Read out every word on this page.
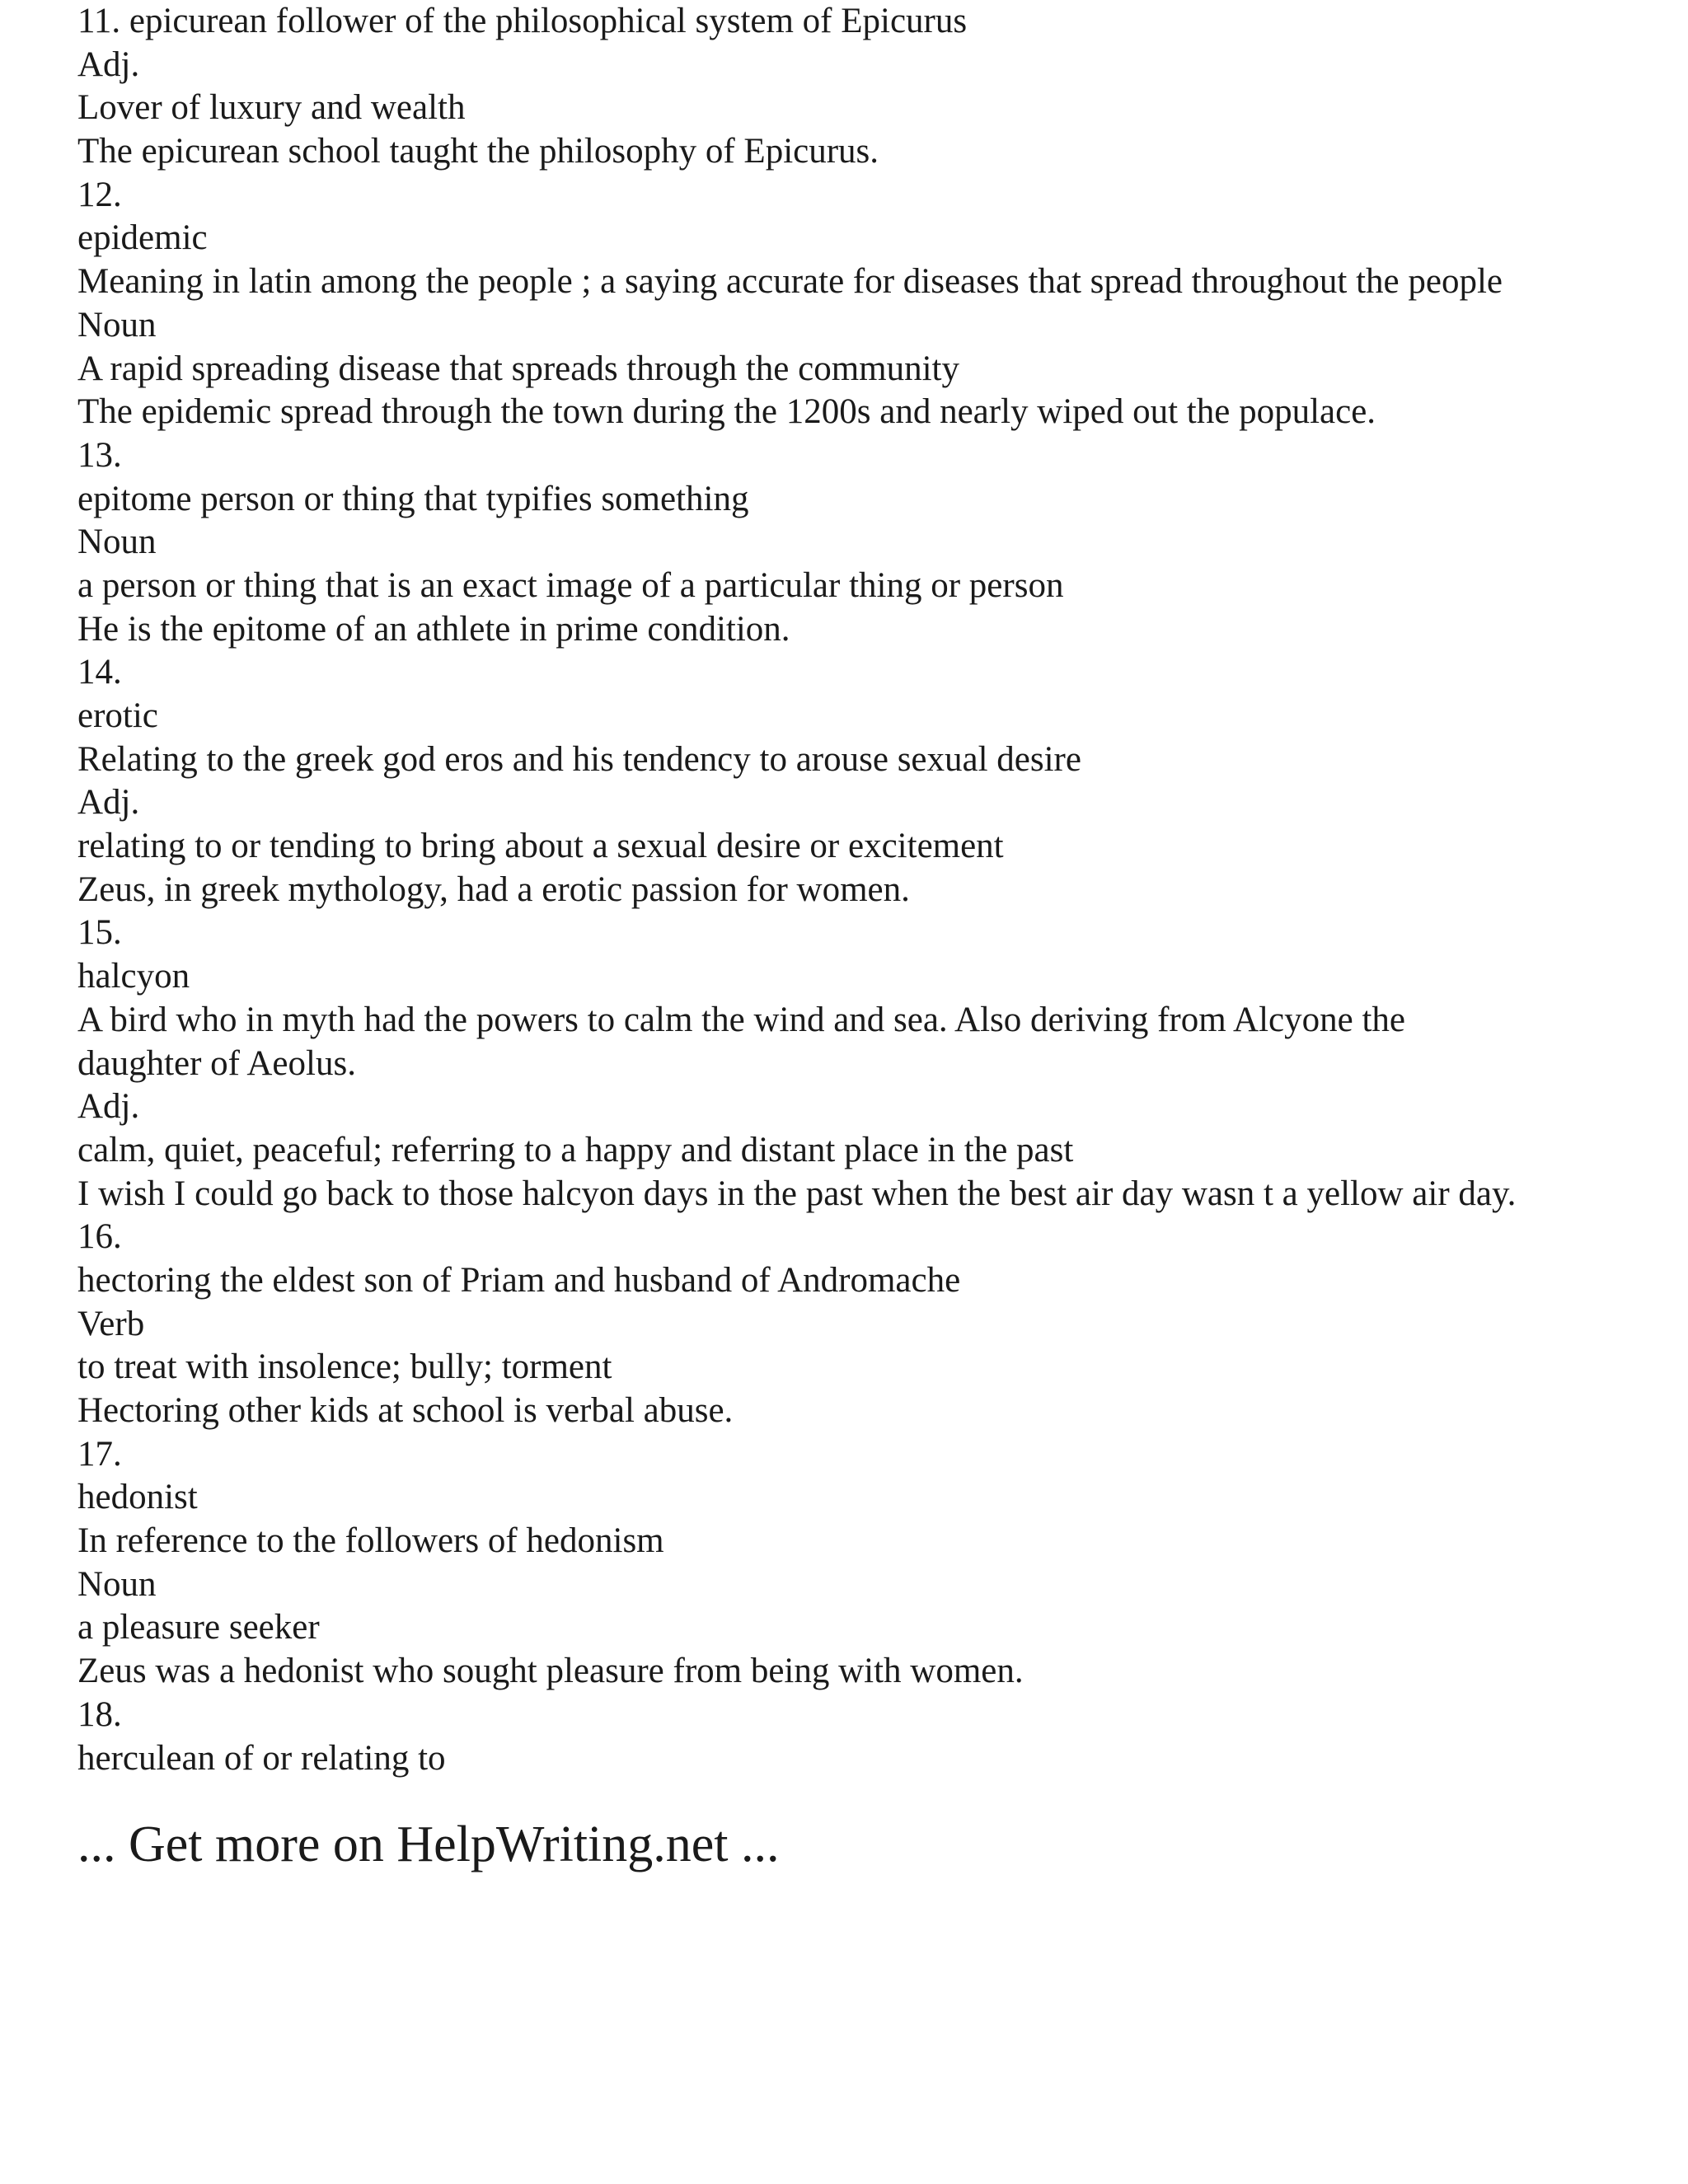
11. epicurean follower of the philosophical system of Epicurus
Adj.
Lover of luxury and wealth
The epicurean school taught the philosophy of Epicurus.
12.
epidemic
Meaning in latin among the people ; a saying accurate for diseases that spread throughout the people
Noun
A rapid spreading disease that spreads through the community
The epidemic spread through the town during the 1200s and nearly wiped out the populace.
13.
epitome person or thing that typifies something
Noun
a person or thing that is an exact image of a particular thing or person
He is the epitome of an athlete in prime condition.
14.
erotic
Relating to the greek god eros and his tendency to arouse sexual desire
Adj.
relating to or tending to bring about a sexual desire or excitement
Zeus, in greek mythology, had a erotic passion for women.
15.
halcyon
A bird who in myth had the powers to calm the wind and sea. Also deriving from Alcyone the
daughter of Aeolus.
Adj.
calm, quiet, peaceful; referring to a happy and distant place in the past
I wish I could go back to those halcyon days in the past when the best air day wasn t a yellow air day.
16.
hectoring the eldest son of Priam and husband of Andromache
Verb
to treat with insolence; bully; torment
Hectoring other kids at school is verbal abuse.
17.
hedonist
In reference to the followers of hedonism
Noun
a pleasure seeker
Zeus was a hedonist who sought pleasure from being with women.
18.
herculean of or relating to
... Get more on HelpWriting.net ...
